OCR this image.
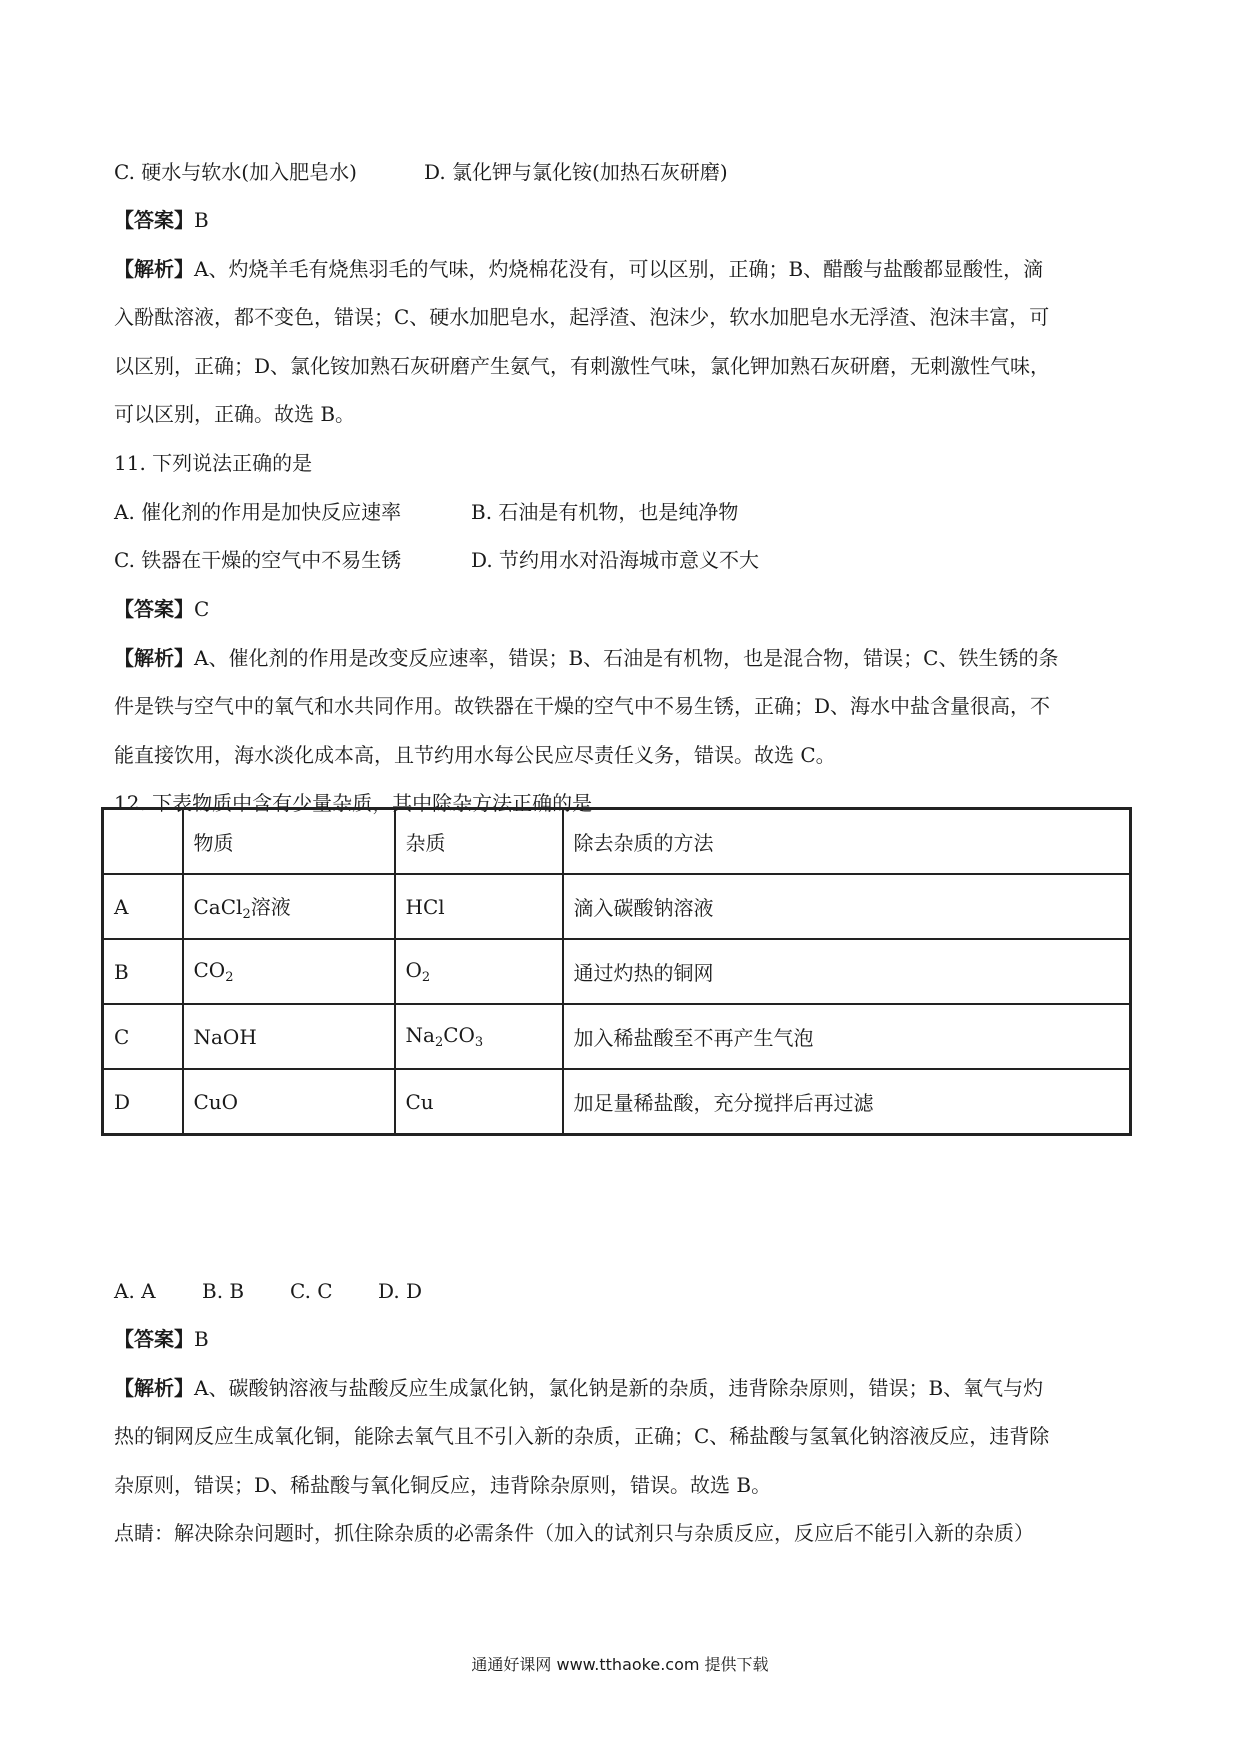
C. 硬水与软水(加入肥皂水)	D. 氯化钾与氯化铵(加热石灰研磨)
【答案】B
【解析】A、灼烧羊毛有烧焦羽毛的气味，灼烧棉花没有，可以区别，正确；B、醋酸与盐酸都显酸性，滴
入酚酞溶液，都不变色，错误；C、硬水加肥皂水，起浮渣、泡沫少，软水加肥皂水无浮渣、泡沫丰富，可
以区别，正确；D、氯化铵加熟石灰研磨产生氨气，有刺激性气味，氯化钾加熟石灰研磨，无刺激性气味，
可以区别，正确。故选 B。
11. 下列说法正确的是
A. 催化剂的作用是加快反应速率	B. 石油是有机物，也是纯净物
C. 铁器在干燥的空气中不易生锈	D. 节约用水对沿海城市意义不大
【答案】C
【解析】A、催化剂的作用是改变反应速率，错误；B、石油是有机物，也是混合物，错误；C、铁生锈的条
件是铁与空气中的氧气和水共同作用。故铁器在干燥的空气中不易生锈，正确；D、海水中盐含量很高，不
能直接饮用，海水淡化成本高，且节约用水每公民应尽责任义务，错误。故选 C。
12. 下表物质中含有少量杂质，其中除杂方法正确的是
	物质	杂质	除去杂质的方法
A	CaCl$_2$溶液	HCl	滴入碳酸钠溶液
B	$CO_2$	$O_2$	通过灼热的铜网
C	NaOH	$Na_2CO_3$	加入稀盐酸至不再产生气泡
D	CuO	Cu	加足量稀盐酸，充分搅拌后再过滤
A. A B. B C. C D. D
【答案】B
【解析】A、碳酸钠溶液与盐酸反应生成氯化钠，氯化钠是新的杂质，违背除杂原则，错误；B、氧气与灼
热的铜网反应生成氧化铜，能除去氧气且不引入新的杂质，正确；C、稀盐酸与氢氧化钠溶液反应，违背除
杂原则，错误；D、稀盐酸与氧化铜反应，违背除杂原则，错误。故选 B。
点睛：解决除杂问题时，抓住除杂质的必需条件（加入的试剂只与杂质反应，反应后不能引入新的杂质）
通通好课网 www.tthaoke.com 提供下载
